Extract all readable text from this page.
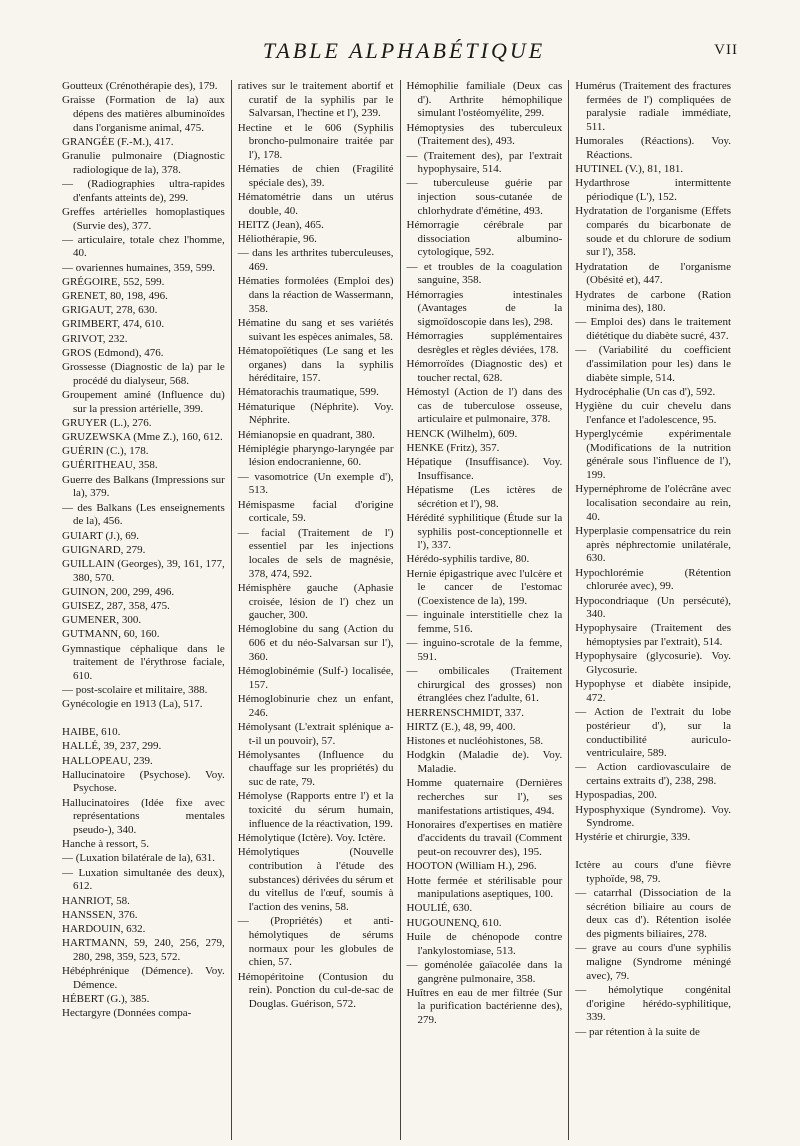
TABLE ALPHABÉTIQUE	VII

Goutteux (Crénothérapie des), 179.

Graisse (Formation de la) aux dépens des matières albuminoïdes dans l'organisme animal, 475.

GRANGÉE (F.-M.), 417.

Granulie pulmonaire (Diagnostic radiologique de la), 378.

— (Radiographies ultra-rapides d'enfants atteints de), 299.

Greffes artérielles homoplastiques (Survie des), 377.

— articulaire, totale chez l'homme, 40.

— ovariennes humaines, 359, 599.

GRÉGOIRE, 552, 599.

GRENET, 80, 198, 496.

GRIGAUT, 278, 630.

GRIMBERT, 474, 610.

GRIVOT, 232.

GROS (Edmond), 476.

Grossesse (Diagnostic de la) par le procédé du dialyseur, 568.

Groupement aminé (Influence du) sur la pression artérielle, 399.

GRUYER (L.), 276.

GRUZEWSKA (Mme Z.), 160, 612.

GUÉRIN (C.), 178.

GUÉRITHEAU, 358.

Guerre des Balkans (Impressions sur la), 379.

— des Balkans (Les enseignements de la), 456.

GUIART (J.), 69.

GUIGNARD, 279.

GUILLAIN (Georges), 39, 161, 177, 380, 570.

GUINON, 200, 299, 496.

GUISEZ, 287, 358, 475.

GUMENER, 300.

GUTMANN, 60, 160.

Gymnastique céphalique dans le traitement de l'érythrose faciale, 610.

— post-scolaire et militaire, 388.

Gynécologie en 1913 (La), 517.

HAIBE, 610.

HALLÉ, 39, 237, 299.

HALLOPEAU, 239.

Hallucinatoire (Psychose). Voy. Psychose.

Hallucinatoires (Idée fixe avec représentations mentales pseudo-), 340.

Hanche à ressort, 5.

— (Luxation bilatérale de la), 631.

— Luxation simultanée des deux), 612.

HANRIOT, 58.

HANSSEN, 376.

HARDOUIN, 632.

HARTMANN, 59, 240, 256, 279, 280, 298, 359, 523, 572.

Hébéphrénique (Démence). Voy. Démence.

HÉBERT (G.), 385.

Hectargyre (Données compa-

ratives sur le traitement abortif et curatif de la syphilis par le Salvarsan, l'hectine et l'), 239.

Hectine et le 606 (Syphilis broncho-pulmonaire traitée par l'), 178.

Hématies de chien (Fragilité spéciale des), 39.

Hématométrie dans un utérus double, 40.

HEITZ (Jean), 465.

Héliothérapie, 96.

— dans les arthrites tuberculeuses, 469.

Hématies formolées (Emploi des) dans la réaction de Wassermann, 358.

Hématine du sang et ses variétés suivant les espèces animales, 58.

Hématopoïétiques (Le sang et les organes) dans la syphilis héréditaire, 157.

Hématorachis traumatique, 599.

Hématurique (Néphrite). Voy. Néphrite.

Hémianopsie en quadrant, 380.

Hémiplégie pharyngo-laryngée par lésion endocranienne, 60.

— vasomotrice (Un exemple d'), 513.

Hémispasme facial d'origine corticale, 59.

— facial (Traitement de l') essentiel par les injections locales de sels de magnésie, 378, 474, 592.

Hémisphère gauche (Aphasie croisée, lésion de l') chez un gaucher, 300.

Hémoglobine du sang (Action du 606 et du néo-Salvarsan sur l'), 360.

Hémoglobinémie (Sulf-) localisée, 157.

Hémoglobinurie chez un enfant, 246.

Hémolysant (L'extrait splénique a-t-il un pouvoir), 57.

Hémolysantes (Influence du chauffage sur les propriétés) du suc de rate, 79.

Hémolyse (Rapports entre l') et la toxicité du sérum humain, influence de la réactivation, 199.

Hémolytique (Ictère). Voy. Ictère.

Hémolytiques (Nouvelle contribution à l'étude des substances) dérivées du sérum et du vitellus de l'œuf, soumis à l'action des venins, 58.

— (Propriétés) et anti-hémolytiques de sérums normaux pour les globules de chien, 57.

Hémopéritoine (Contusion du rein). Ponction du cul-de-sac de Douglas. Guérison, 572.

Hémophilie familiale (Deux cas d'). Arthrite hémophilique simulant l'ostéomyélite, 299.

Hémoptysies des tuberculeux (Traitement des), 493.

— (Traitement des), par l'extrait hypophysaire, 514.

— tuberculeuse guérie par injection sous-cutanée de chlorhydrate d'émétine, 493.

Hémorragie cérébrale par dissociation albumino-cytologique, 592.

— et troubles de la coagulation sanguine, 358.

Hémorragies intestinales (Avantages de la sigmoïdoscopie dans les), 298.

Hémorragies supplémentaires desrègles et règles déviées, 178.

Hémorroïdes (Diagnostic des) et toucher rectal, 628.

Hémostyl (Action de l') dans des cas de tuberculose osseuse, articulaire et pulmonaire, 378.

HENCK (Wilhelm), 609.

HENKE (Fritz), 357.

Hépatique (Insuffisance). Voy. Insuffisance.

Hépatisme (Les ictères de sécrétion et l'), 98.

Hérédité syphilitique (Étude sur la syphilis post-conceptionnelle et l'), 337.

Hérédo-syphilis tardive, 80.

Hernie épigastrique avec l'ulcère et le cancer de l'estomac (Coexistence de la), 199.

— inguinale interstitielle chez la femme, 516.

— inguino-scrotale de la femme, 591.

— ombilicales (Traitement chirurgical des grosses) non étranglées chez l'adulte, 61.

HERRENSCHMIDT, 337.

HIRTZ (E.), 48, 99, 400.

Histones et nucléohistones, 58.

Hodgkin (Maladie de). Voy. Maladie.

Homme quaternaire (Dernières recherches sur l'), ses manifestations artistiques, 494.

Honoraires d'expertises en matière d'accidents du travail (Comment peut-on recouvrer des), 195.

HOOTON (William H.), 296.

Hotte fermée et stérilisable pour manipulations aseptiques, 100.

HOULIÉ, 630.

HUGOUNENQ, 610.

Huile de chénopode contre l'ankylostomiase, 513.

— goménolée gaïacolée dans la gangrène pulmonaire, 358.

Huîtres en eau de mer filtrée (Sur la purification bactérienne des), 279.

Humérus (Traitement des fractures fermées de l') compliquées de paralysie radiale immédiate, 511.

Humorales (Réactions). Voy. Réactions.

HUTINEL (V.), 81, 181.

Hydarthrose intermittente périodique (L'), 152.

Hydratation de l'organisme (Effets comparés du bicarbonate de soude et du chlorure de sodium sur l'), 358.

Hydratation de l'organisme (Obésité et), 447.

Hydrates de carbone (Ration minima des), 180.

— Emploi des) dans le traitement diététique du diabète sucré, 437.

— (Variabilité du coefficient d'assimilation pour les) dans le diabète simple, 514.

Hydrocéphalie (Un cas d'), 592.

Hygiène du cuir chevelu dans l'enfance et l'adolescence, 95.

Hyperglycémie expérimentale (Modifications de la nutrition générale sous l'influence de l'), 199.

Hypernéphrome de l'olécrâne avec localisation secondaire au rein, 40.

Hyperplasie compensatrice du rein après néphrectomie unilatérale, 630.

Hypochlorémie (Rétention chlorurée avec), 99.

Hypocondriaque (Un persécuté), 340.

Hypophysaire (Traitement des hémoptysies par l'extrait), 514.

Hypophysaire (glycosurie). Voy. Glycosurie.

Hypophyse et diabète insipide, 472.

— Action de l'extrait du lobe postérieur d'), sur la conductibilité auriculo-ventriculaire, 589.

— Action cardiovasculaire de certains extraits d'), 238, 298.

Hypospadias, 200.

Hyposphyxique (Syndrome). Voy. Syndrome.

Hystérie et chirurgie, 339.

Ictère au cours d'une fièvre typhoïde, 98, 79.

— catarrhal (Dissociation de la sécrétion biliaire au cours de deux cas d'). Rétention isolée des pigments biliaires, 278.

— grave au cours d'une syphilis maligne (Syndrome méningé avec), 79.

— hémolytique congénital d'origine hérédo-syphilitique, 339.

— par rétention à la suite de
